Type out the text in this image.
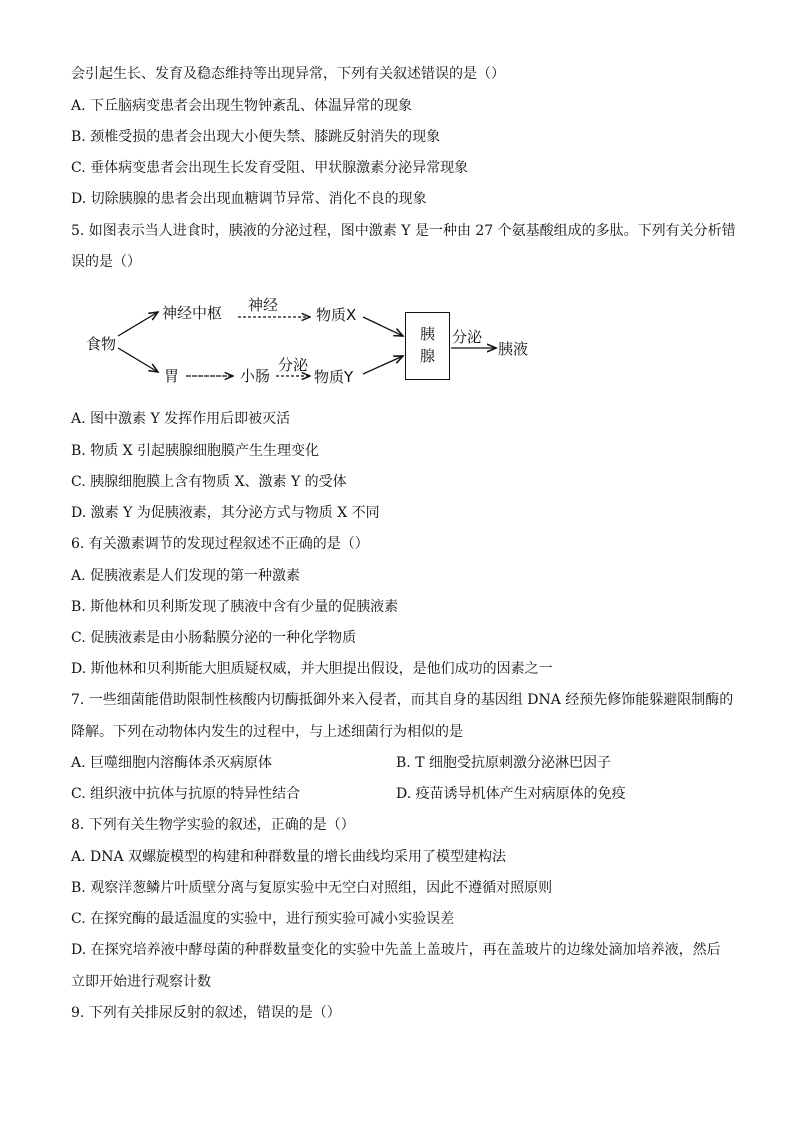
会引起生长、发育及稳态维持等出现异常，下列有关叙述错误的是（）
A. 下丘脑病变患者会出现生物钟紊乱、体温异常的现象
B. 颈椎受损的患者会出现大小便失禁、膝跳反射消失的现象
C. 垂体病变患者会出现生长发育受阻、甲状腺激素分泌异常现象
D. 切除胰腺的患者会出现血糖调节异常、消化不良的现象
5. 如图表示当人进食时，胰液的分泌过程，图中激素 Y 是一种由 27 个氨基酸组成的多肽。下列有关分析错
误的是（）
食物
神经中枢 神经
物质X
胃	小肠
分泌
物质Y
胰
腺
分泌
胰液
A. 图中激素 Y 发挥作用后即被灭活
B. 物质 X 引起胰腺细胞膜产生生理变化
C. 胰腺细胞膜上含有物质 X、激素 Y 的受体
D. 激素 Y 为促胰液素，其分泌方式与物质 X 不同
6. 有关激素调节的发现过程叙述不正确的是（）
A. 促胰液素是人们发现的第一种激素
B. 斯他林和贝利斯发现了胰液中含有少量的促胰液素
C. 促胰液素是由小肠黏膜分泌的一种化学物质
D. 斯他林和贝利斯能大胆质疑权威，并大胆提出假设，是他们成功的因素之一
7. 一些细菌能借助限制性核酸内切酶抵御外来入侵者，而其自身的基因组 DNA 经预先修饰能躲避限制酶的
降解。下列在动物体内发生的过程中，与上述细菌行为相似的是
A. 巨噬细胞内溶酶体杀灭病原体	B. T 细胞受抗原刺激分泌淋巴因子
C. 组织液中抗体与抗原的特异性结合	D. 疫苗诱导机体产生对病原体的免疫
8. 下列有关生物学实验的叙述，正确的是（）
A. DNA 双螺旋模型的构建和种群数量的增长曲线均采用了模型建构法
B. 观察洋葱鳞片叶质壁分离与复原实验中无空白对照组，因此不遵循对照原则
C. 在探究酶的最适温度的实验中，进行预实验可减小实验误差
D. 在探究培养液中酵母菌的种群数量变化的实验中先盖上盖玻片，再在盖玻片的边缘处滴加培养液，然后
立即开始进行观察计数
9. 下列有关排尿反射的叙述，错误的是（）
